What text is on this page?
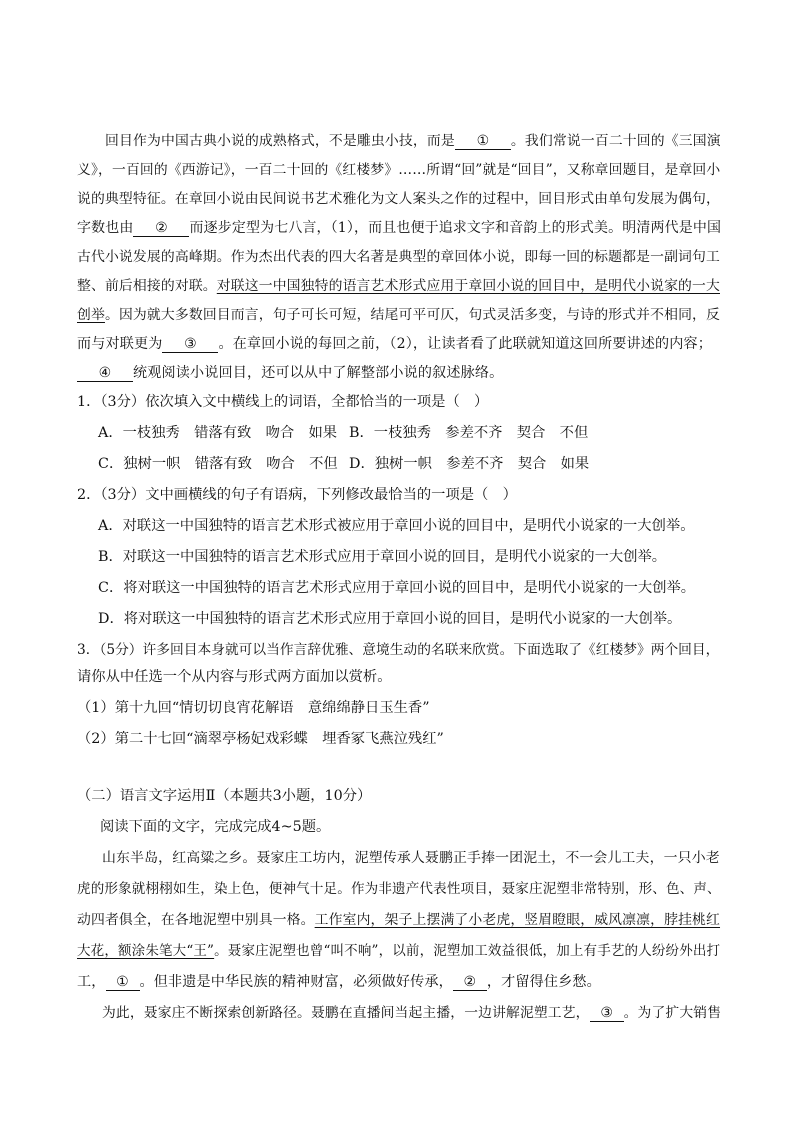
回目作为中国古典小说的成熟格式，不是雕虫小技，而是 ① 。我们常说一百二十回的《三国演
义》，一百回的《西游记》，一百二十回的《红楼梦》……所谓“回”就是“回目”，又称章回题目，是章回小
说的典型特征。在章回小说由民间说书艺术雅化为文人案头之作的过程中，回目形式由单句发展为偶句，
字数也由 ② 而逐步定型为七八言，（1），而且也便于追求文字和音韵上的形式美。明清两代是中国
古代小说发展的高峰期。作为杰出代表的四大名著是典型的章回体小说，即每一回的标题都是一副词句工
整、前后相接的对联。对联这一中国独特的语言艺术形式应用于章回小说的回目中，是明代小说家的一大
创举。因为就大多数回目而言，句子可长可短，结尾可平可仄，句式灵活多变，与诗的形式并不相同，反
而与对联更为 ③ 。在章回小说的每回之前，（2），让读者看了此联就知道这回所要讲述的内容；
④ 统观阅读小说回目，还可以从中了解整部小说的叙述脉络。
1．（3分）依次填入文中横线上的词语，全都恰当的一项是（　）
A．一枝独秀　错落有致　吻合　如果 B．一枝独秀　参差不齐　契合　不但
C．独树一帜　错落有致　吻合　不但 D．独树一帜　参差不齐　契合　如果
2．（3分）文中画横线的句子有语病，下列修改最恰当的一项是（　）
A．对联这一中国独特的语言艺术形式被应用于章回小说的回目中，是明代小说家的一大创举。
B．对联这一中国独特的语言艺术形式应用于章回小说的回目，是明代小说家的一大创举。
C．将对联这一中国独特的语言艺术形式应用于章回小说的回目中，是明代小说家的一大创举。
D．将对联这一中国独特的语言艺术形式应用于章回小说的回目，是明代小说家的一大创举。
3．（5分）许多回目本身就可以当作言辞优雅、意境生动的名联来欣赏。下面选取了《红楼梦》两个回目，
请你从中任选一个从内容与形式两方面加以赏析。
（1）第十九回“情切切良宵花解语　意绵绵静日玉生香”
（2）第二十七回“滴翠亭杨妃戏彩蝶　埋香冢飞燕泣残红”
（二）语言文字运用Ⅱ（本题共3小题，10分）
阅读下面的文字，完成完成4~5题。
山东半岛，红高粱之乡。聂家庄工坊内，泥塑传承人聂鹏正手捧一团泥土，不一会儿工夫，一只小老
虎的形象就栩栩如生，染上色，便神气十足。作为非遗产代表性项目，聂家庄泥塑非常特别，形、色、声、
动四者俱全，在各地泥塑中别具一格。工作室内，架子上摆满了小老虎，竖眉瞪眼，威风凛凛，脖挂桃红
大花，额涂朱笔大“王”。聂家庄泥塑也曾“叫不响”，以前，泥塑加工效益很低，加上有手艺的人纷纷外出打
工， ① 。但非遗是中华民族的精神财富，必须做好传承， ② ，才留得住乡愁。
为此，聂家庄不断探索创新路径。聂鹏在直播间当起主播，一边讲解泥塑工艺， ③ 。为了扩大销售
